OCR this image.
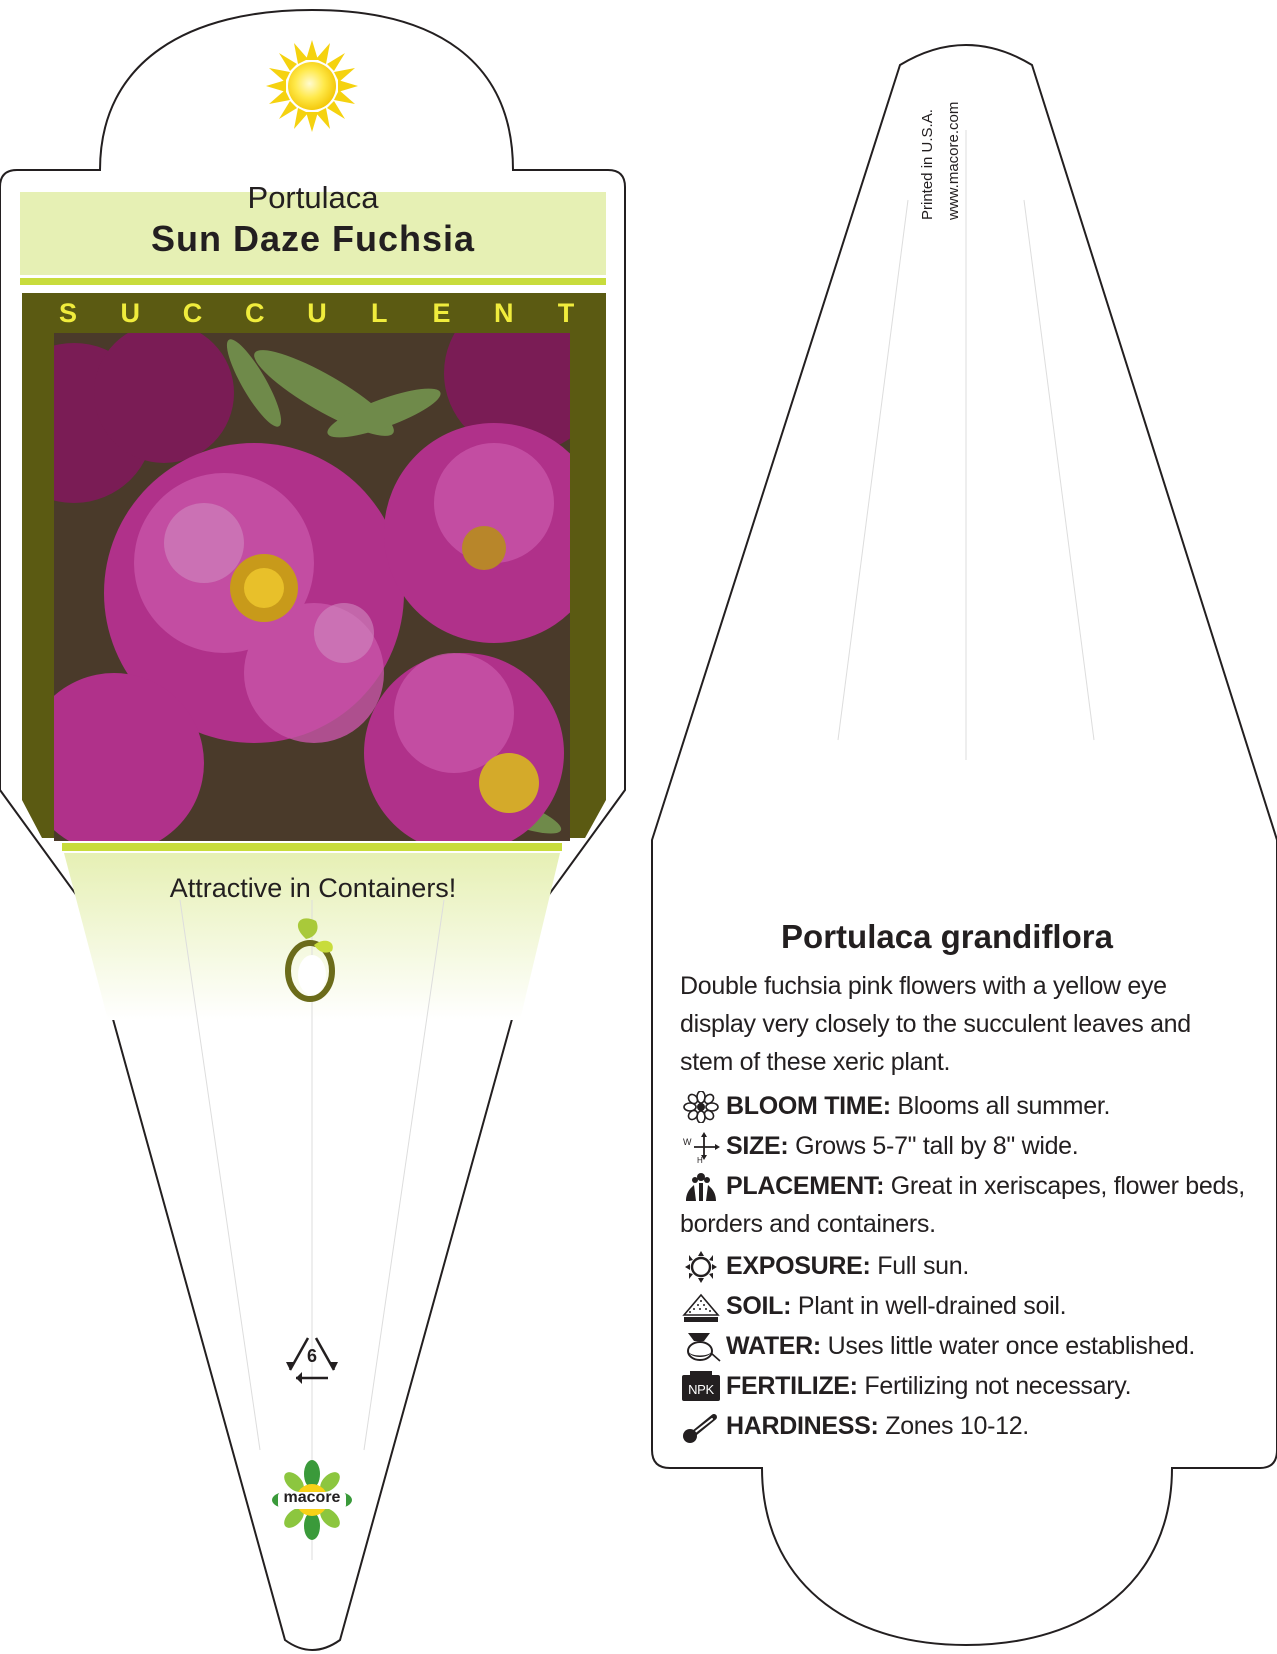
Portulaca
Sun Daze Fuchsia
S U C C U L E N T
Attractive in Containers!
6
macore
Printed in U.S.A. www.macore.com
Portulaca grandiflora
Double fuchsia pink flowers with a yellow eye display very closely to the succulent leaves and stem of these xeric plant.
BLOOM TIME: Blooms all summer.
W
H
SIZE: Grows 5-7" tall by 8" wide.
PLACEMENT: Great in xeriscapes, flower beds, borders and containers.
EXPOSURE: Full sun.
SOIL: Plant in well-drained soil.
WATER: Uses little water once established.
NPK FERTILIZE: Fertilizing not necessary.
HARDINESS: Zones 10-12.
